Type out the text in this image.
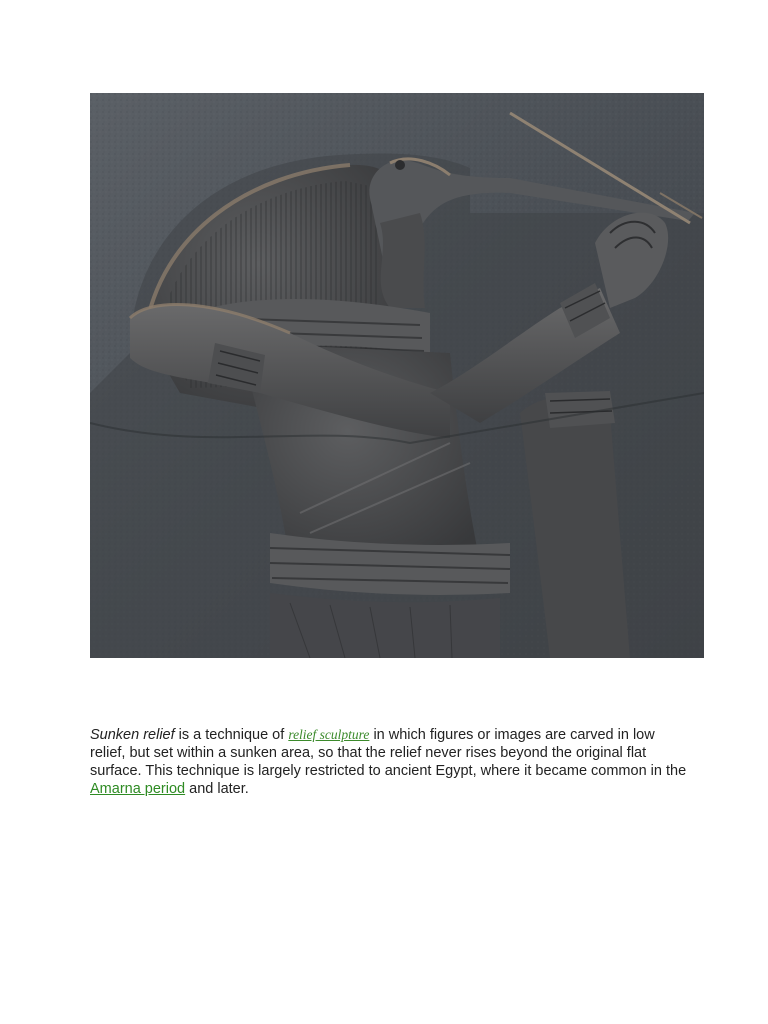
Sunken relief is a technique of relief sculpture in which figures or images are carved in low relief, but set within a sunken area, so that the relief never rises beyond the original flat surface. This technique is largely restricted to ancient Egypt, where it became common in the Amarna period and later.
